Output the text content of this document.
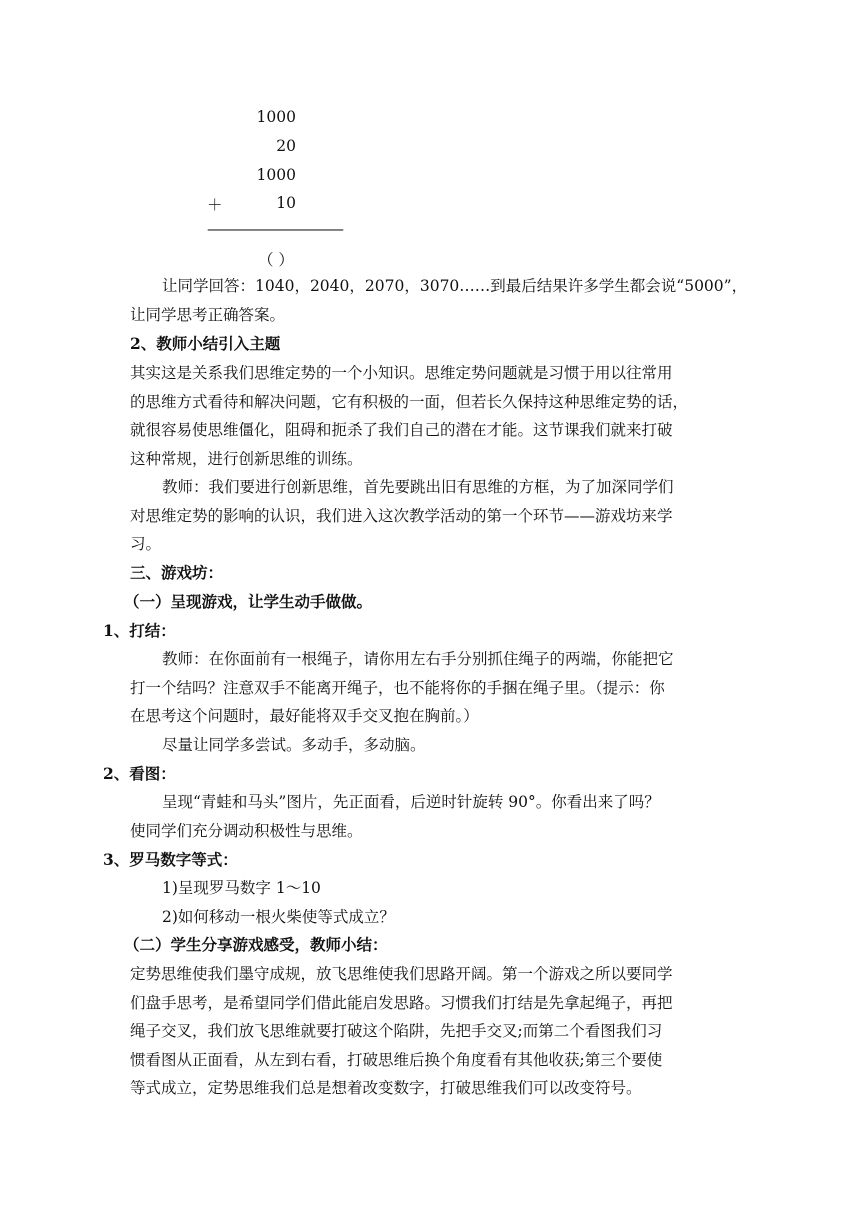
1000
20
1000
＋	10
——————————
（ ）
让同学回答：1040，2040，2070，3070……到最后结果许多学生都会说“5000”，
让同学思考正确答案。
2、教师小结引入主题
其实这是关系我们思维定势的一个小知识。思维定势问题就是习惯于用以往常用
的思维方式看待和解决问题，它有积极的一面，但若长久保持这种思维定势的话，
就很容易使思维僵化，阻碍和扼杀了我们自己的潜在才能。这节课我们就来打破
这种常规，进行创新思维的训练。
教师：我们要进行创新思维，首先要跳出旧有思维的方框，为了加深同学们
对思维定势的影响的认识，我们进入这次教学活动的第一个环节——游戏坊来学
习。
三、游戏坊：
（一）呈现游戏，让学生动手做做。
1、打结：
教师：在你面前有一根绳子，请你用左右手分别抓住绳子的两端，你能把它
打一个结吗？注意双手不能离开绳子，也不能将你的手捆在绳子里。（提示：你
在思考这个问题时，最好能将双手交叉抱在胸前。）
尽量让同学多尝试。多动手，多动脑。
2、看图：
呈现“青蛙和马头”图片，先正面看，后逆时针旋转 90°。你看出来了吗？
使同学们充分调动积极性与思维。
3、罗马数字等式：
1)呈现罗马数字 1～10
2)如何移动一根火柴使等式成立？
（二）学生分享游戏感受，教师小结：
定势思维使我们墨守成规，放飞思维使我们思路开阔。第一个游戏之所以要同学
们盘手思考，是希望同学们借此能启发思路。习惯我们打结是先拿起绳子，再把
绳子交叉，我们放飞思维就要打破这个陷阱，先把手交叉;而第二个看图我们习
惯看图从正面看，从左到右看，打破思维后换个角度看有其他收获;第三个要使
等式成立，定势思维我们总是想着改变数字，打破思维我们可以改变符号。
